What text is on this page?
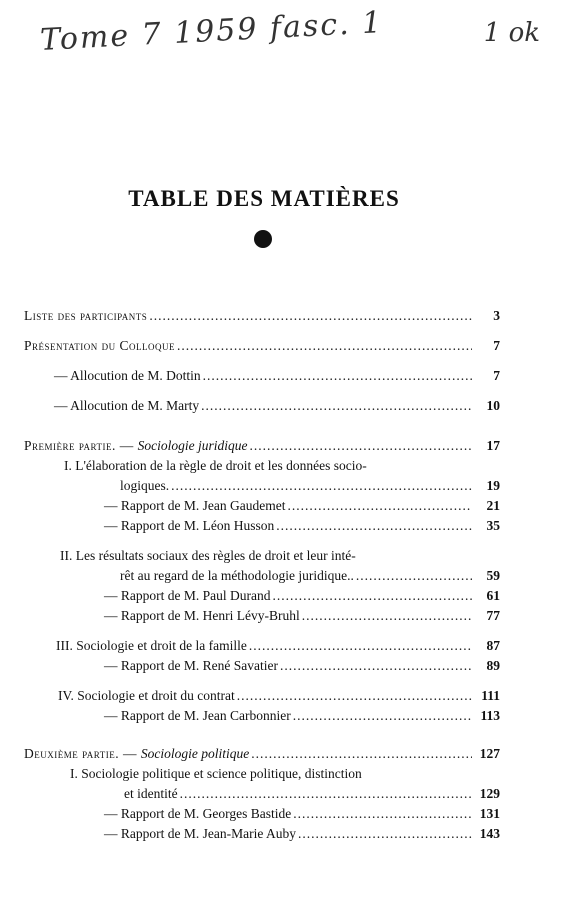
Tome 7 1959 fasc. 1	1 ok
TABLE DES MATIÈRES
Liste des participants .....	3
Présentation du Colloque .....	7
— Allocution de M. Dottin .....	7
— Allocution de M. Marty .....	10
Première partie. — Sociologie juridique .....	17
I. L'élaboration de la règle de droit et les données socio-
logiques. .....	19
— Rapport de M. Jean Gaudemet .....	21
— Rapport de M. Léon Husson .....	35
II. Les résultats sociaux des règles de droit et leur inté-
rêt au regard de la méthodologie juridique.. .....	59
— Rapport de M. Paul Durand .....	61
— Rapport de M. Henri Lévy-Bruhl .....	77
III. Sociologie et droit de la famille .....	87
— Rapport de M. René Savatier .....	89
IV. Sociologie et droit du contrat .....	111
— Rapport de M. Jean Carbonnier .....	113
Deuxième partie. — Sociologie politique .....	127
I. Sociologie politique et science politique, distinction
et identité .....	129
— Rapport de M. Georges Bastide .....	131
— Rapport de M. Jean-Marie Auby .....	143
